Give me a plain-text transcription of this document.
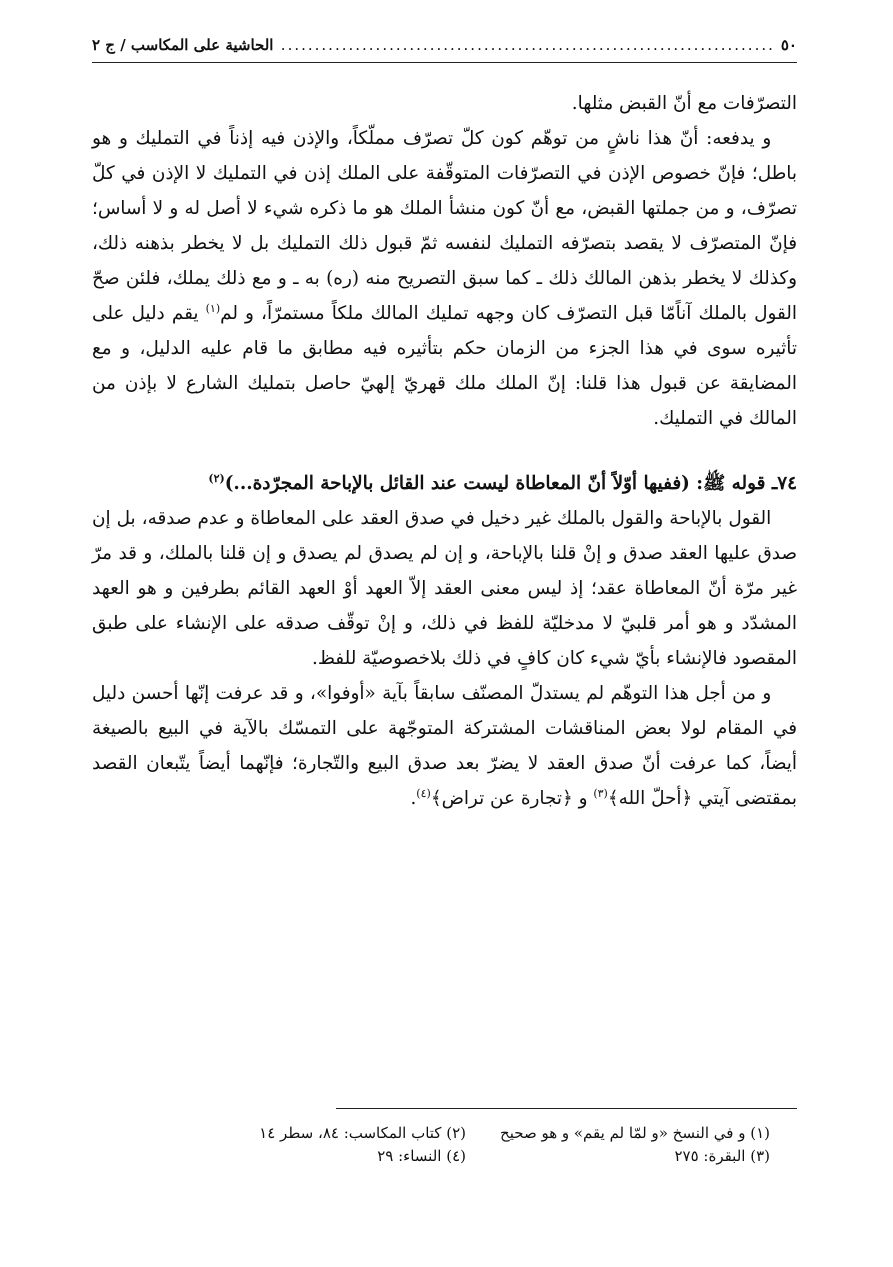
٥٠
.....
الحاشية على المكاسب / ج ٢

التصرّفات مع أنّ القبض مثلها.

و يدفعه: أنّ هذا ناشٍ من توهّم كون كلّ تصرّف مملّكاً، والإذن فيه إذناً في التمليك و هو باطل؛ فإنّ خصوص الإذن في التصرّفات المتوقّفة على الملك إذن في التمليك لا الإذن في كلّ تصرّف، و من جملتها القبض، مع أنّ كون منشأ الملك هو ما ذكره شيء لا أصل له و لا أساس؛ فإنّ المتصرّف لا يقصد بتصرّفه التمليك لنفسه ثمّ قبول ذلك التمليك بل لا يخطر بذهنه ذلك، وكذلك لا يخطر بذهن المالك ذلك ـ كما سبق التصريح منه (ره) به ـ و مع ذلك يملك، فلئن صحّ القول بالملك آناًمّا قبل التصرّف كان وجهه تمليك المالك ملكاً مستمرّاً، و لم$^{(١)}$ يقم دليل على تأثيره سوى في هذا الجزء من الزمان حكم بتأثيره فيه مطابق ما قام عليه الدليل، و مع المضايقة عن قبول هذا قلنا: إنّ الملك ملك قهريّ إلهيّ حاصل بتمليك الشارع لا بإذن من المالك في التمليك.

٧٤ـ قوله ﷺ: (ففيها أوّلاً أنّ المعاطاة ليست عند القائل بالإباحة المجرّدة...)$^{(٢)}$

القول بالإباحة والقول بالملك غير دخيل في صدق العقد على المعاطاة و عدم صدقه، بل إن صدق عليها العقد صدق و إنْ قلنا بالإباحة، و إن لم يصدق لم يصدق و إن قلنا بالملك، و قد مرّ غير مرّة أنّ المعاطاة عقد؛ إذ ليس معنى العقد إلاّ العهد أوْ العهد القائم بطرفين و هو العهد المشدّد و هو أمر قلبيّ لا مدخليّة للفظ في ذلك، و إنْ توقّف صدقه على الإنشاء على طبق المقصود فالإنشاء بأيّ شيء كان كافٍ في ذلك بلاخصوصيّة للفظ.

و من أجل هذا التوهّم لم يستدلّ المصنّف سابقاً بآية «أوفوا»، و قد عرفت إنّها أحسن دليل في المقام لولا بعض المناقشات المشتركة المتوجّهة على التمسّك بالآية في البيع بالصيغة أيضاً، كما عرفت أنّ صدق العقد لا يضرّ بعد صدق البيع والتّجارة؛ فإنّهما أيضاً يتّبعان القصد بمقتضى آيتي ﴿أحلّ الله﴾$^{(٣)}$ و ﴿تجارة عن تراض﴾$^{(٤)}$.

(١) و في النسخ «و لمّا لم يقم» و هو صحيح
(٢) كتاب المكاسب: ٨٤، سطر ١٤
(٣) البقرة: ٢٧٥
(٤) النساء: ٢٩
